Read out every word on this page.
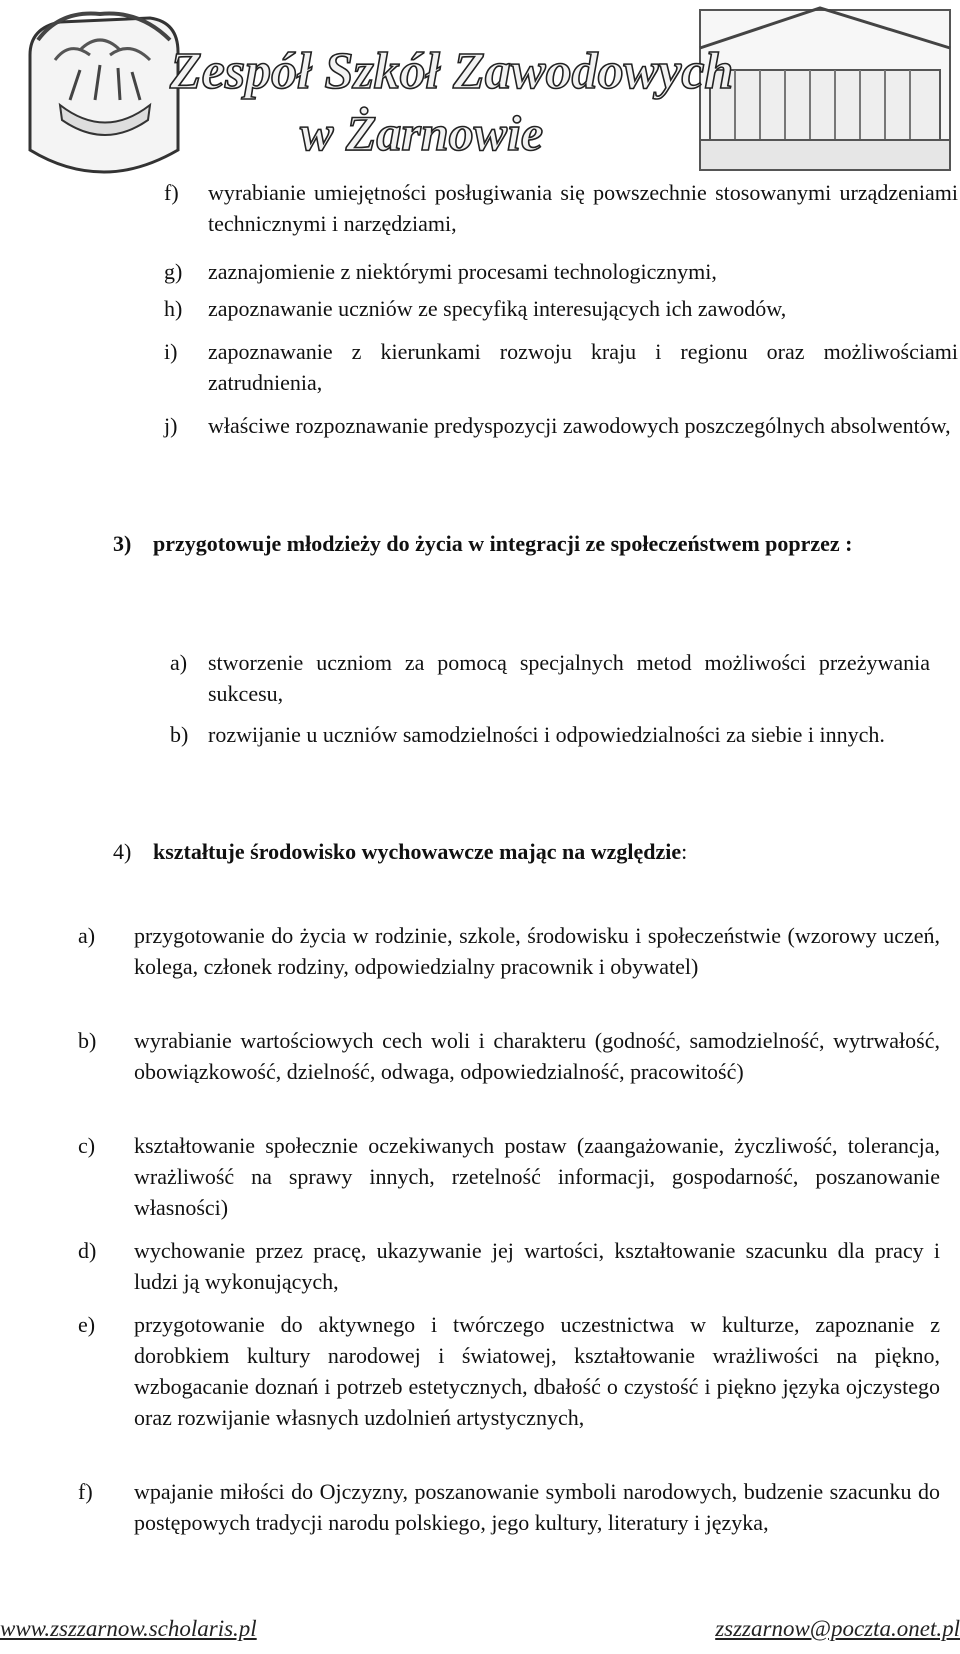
Zespół Szkół Zawodowych
w Żarnowie
f) wyrabianie umiejętności posługiwania się powszechnie stosowanymi urządzeniami technicznymi i narzędziami,
g) zaznajomienie z niektórymi procesami technologicznymi,
h) zapoznawanie uczniów ze specyfiką interesujących ich zawodów,
i) zapoznawanie z kierunkami rozwoju kraju i regionu oraz możliwościami zatrudnienia,
j) właściwe rozpoznawanie predyspozycji zawodowych poszczególnych absolwentów,
3) przygotowuje młodzieży do życia w integracji ze społeczeństwem poprzez :
a) stworzenie uczniom za pomocą specjalnych metod możliwości przeżywania sukcesu,
b) rozwijanie u uczniów samodzielności i odpowiedzialności za siebie i innych.
4) kształtuje środowisko wychowawcze mając na względzie:
a) przygotowanie do życia w rodzinie, szkole, środowisku i społeczeństwie (wzorowy uczeń, kolega, członek rodziny, odpowiedzialny pracownik i obywatel)
b) wyrabianie wartościowych cech woli i charakteru (godność, samodzielność, wytrwałość, obowiązkowość, dzielność, odwaga, odpowiedzialność, pracowitość)
c) kształtowanie społecznie oczekiwanych postaw (zaangażowanie, życzliwość, tolerancja, wrażliwość na sprawy innych, rzetelność informacji, gospodarność, poszanowanie własności)
d) wychowanie przez pracę, ukazywanie jej wartości, kształtowanie szacunku dla pracy i ludzi ją wykonujących,
e) przygotowanie do aktywnego i twórczego uczestnictwa w kulturze, zapoznanie z dorobkiem kultury narodowej i światowej, kształtowanie wrażliwości na piękno, wzbogacanie doznań i potrzeb estetycznych, dbałość o czystość i piękno języka ojczystego oraz rozwijanie własnych uzdolnień artystycznych,
f) wpajanie miłości do Ojczyzny, poszanowanie symboli narodowych, budzenie szacunku do postępowych tradycji narodu polskiego, jego kultury, literatury i języka,
www.zszzarnow.scholaris.pl	zszzarnow@poczta.onet.pl
